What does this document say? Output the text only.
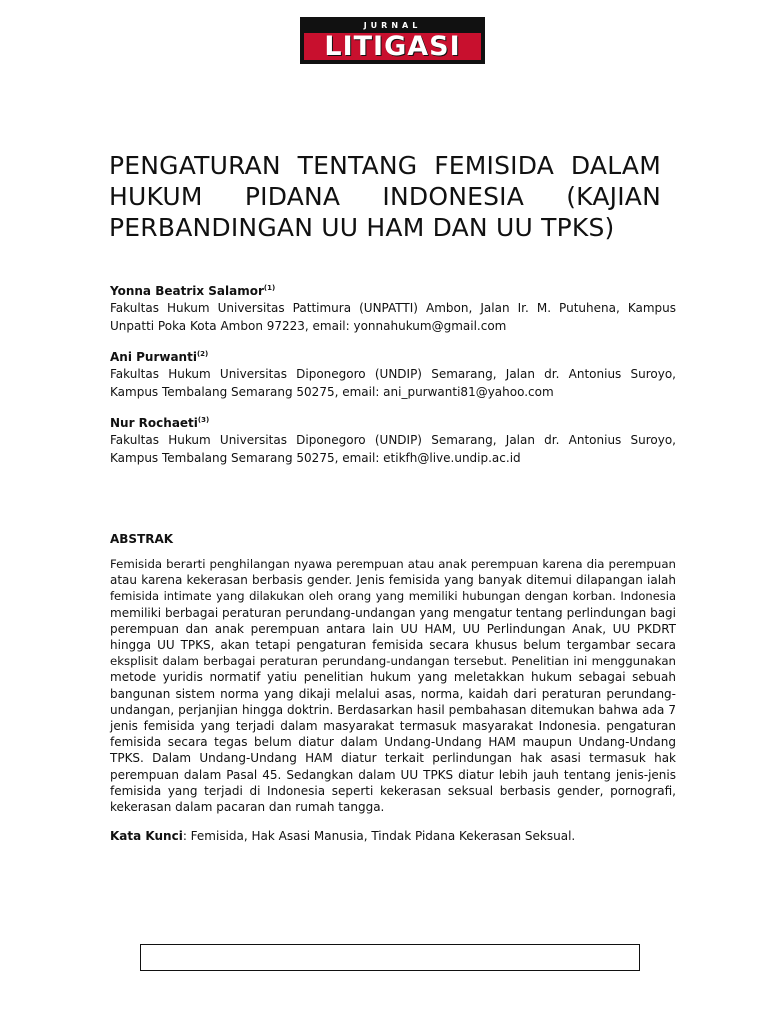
JURNAL
LITIGASI
PENGATURAN TENTANG FEMISIDA DALAM
HUKUM PIDANA INDONESIA (KAJIAN
PERBANDINGAN UU HAM DAN UU TPKS)
Yonna Beatrix Salamor$^{(1)}$
Fakultas Hukum Universitas Pattimura (UNPATTI) Ambon, Jalan Ir. M. Putuhena, Kampus
Unpatti Poka Kota Ambon 97223, email: yonnahukum@gmail.com
Ani Purwanti$^{(2)}$
Fakultas Hukum Universitas Diponegoro (UNDIP) Semarang, Jalan dr. Antonius Suroyo,
Kampus Tembalang Semarang 50275, email: ani_purwanti81@yahoo.com
Nur Rochaeti$^{(3)}$
Fakultas Hukum Universitas Diponegoro (UNDIP) Semarang, Jalan dr. Antonius Suroyo,
Kampus Tembalang Semarang 50275, email: etikfh@live.undip.ac.id
ABSTRAK
Femisida berarti penghilangan nyawa perempuan atau anak perempuan karena dia perempuan
atau karena kekerasan berbasis gender. Jenis femisida yang banyak ditemui dilapangan ialah
femisida intimate yang dilakukan oleh orang yang memiliki hubungan dengan korban. Indonesia
memiliki berbagai peraturan perundang-undangan yang mengatur tentang perlindungan bagi
perempuan dan anak perempuan antara lain UU HAM, UU Perlindungan Anak, UU PKDRT
hingga UU TPKS, akan tetapi pengaturan femisida secara khusus belum tergambar secara
eksplisit dalam berbagai peraturan perundang-undangan tersebut. Penelitian ini menggunakan
metode yuridis normatif yatiu penelitian hukum yang meletakkan hukum sebagai sebuah
bangunan sistem norma yang dikaji melalui asas, norma, kaidah dari peraturan perundang-
undangan, perjanjian hingga doktrin. Berdasarkan hasil pembahasan ditemukan bahwa ada 7
jenis femisida yang terjadi dalam masyarakat termasuk masyarakat Indonesia. pengaturan
femisida secara tegas belum diatur dalam Undang-Undang HAM maupun Undang-Undang
TPKS. Dalam Undang-Undang HAM diatur terkait perlindungan hak asasi termasuk hak
perempuan dalam Pasal 45. Sedangkan dalam UU TPKS diatur lebih jauh tentang jenis-jenis
femisida yang terjadi di Indonesia seperti kekerasan seksual berbasis gender, pornografi,
kekerasan dalam pacaran dan rumah tangga.
Kata Kunci: Femisida, Hak Asasi Manusia, Tindak Pidana Kekerasan Seksual.
